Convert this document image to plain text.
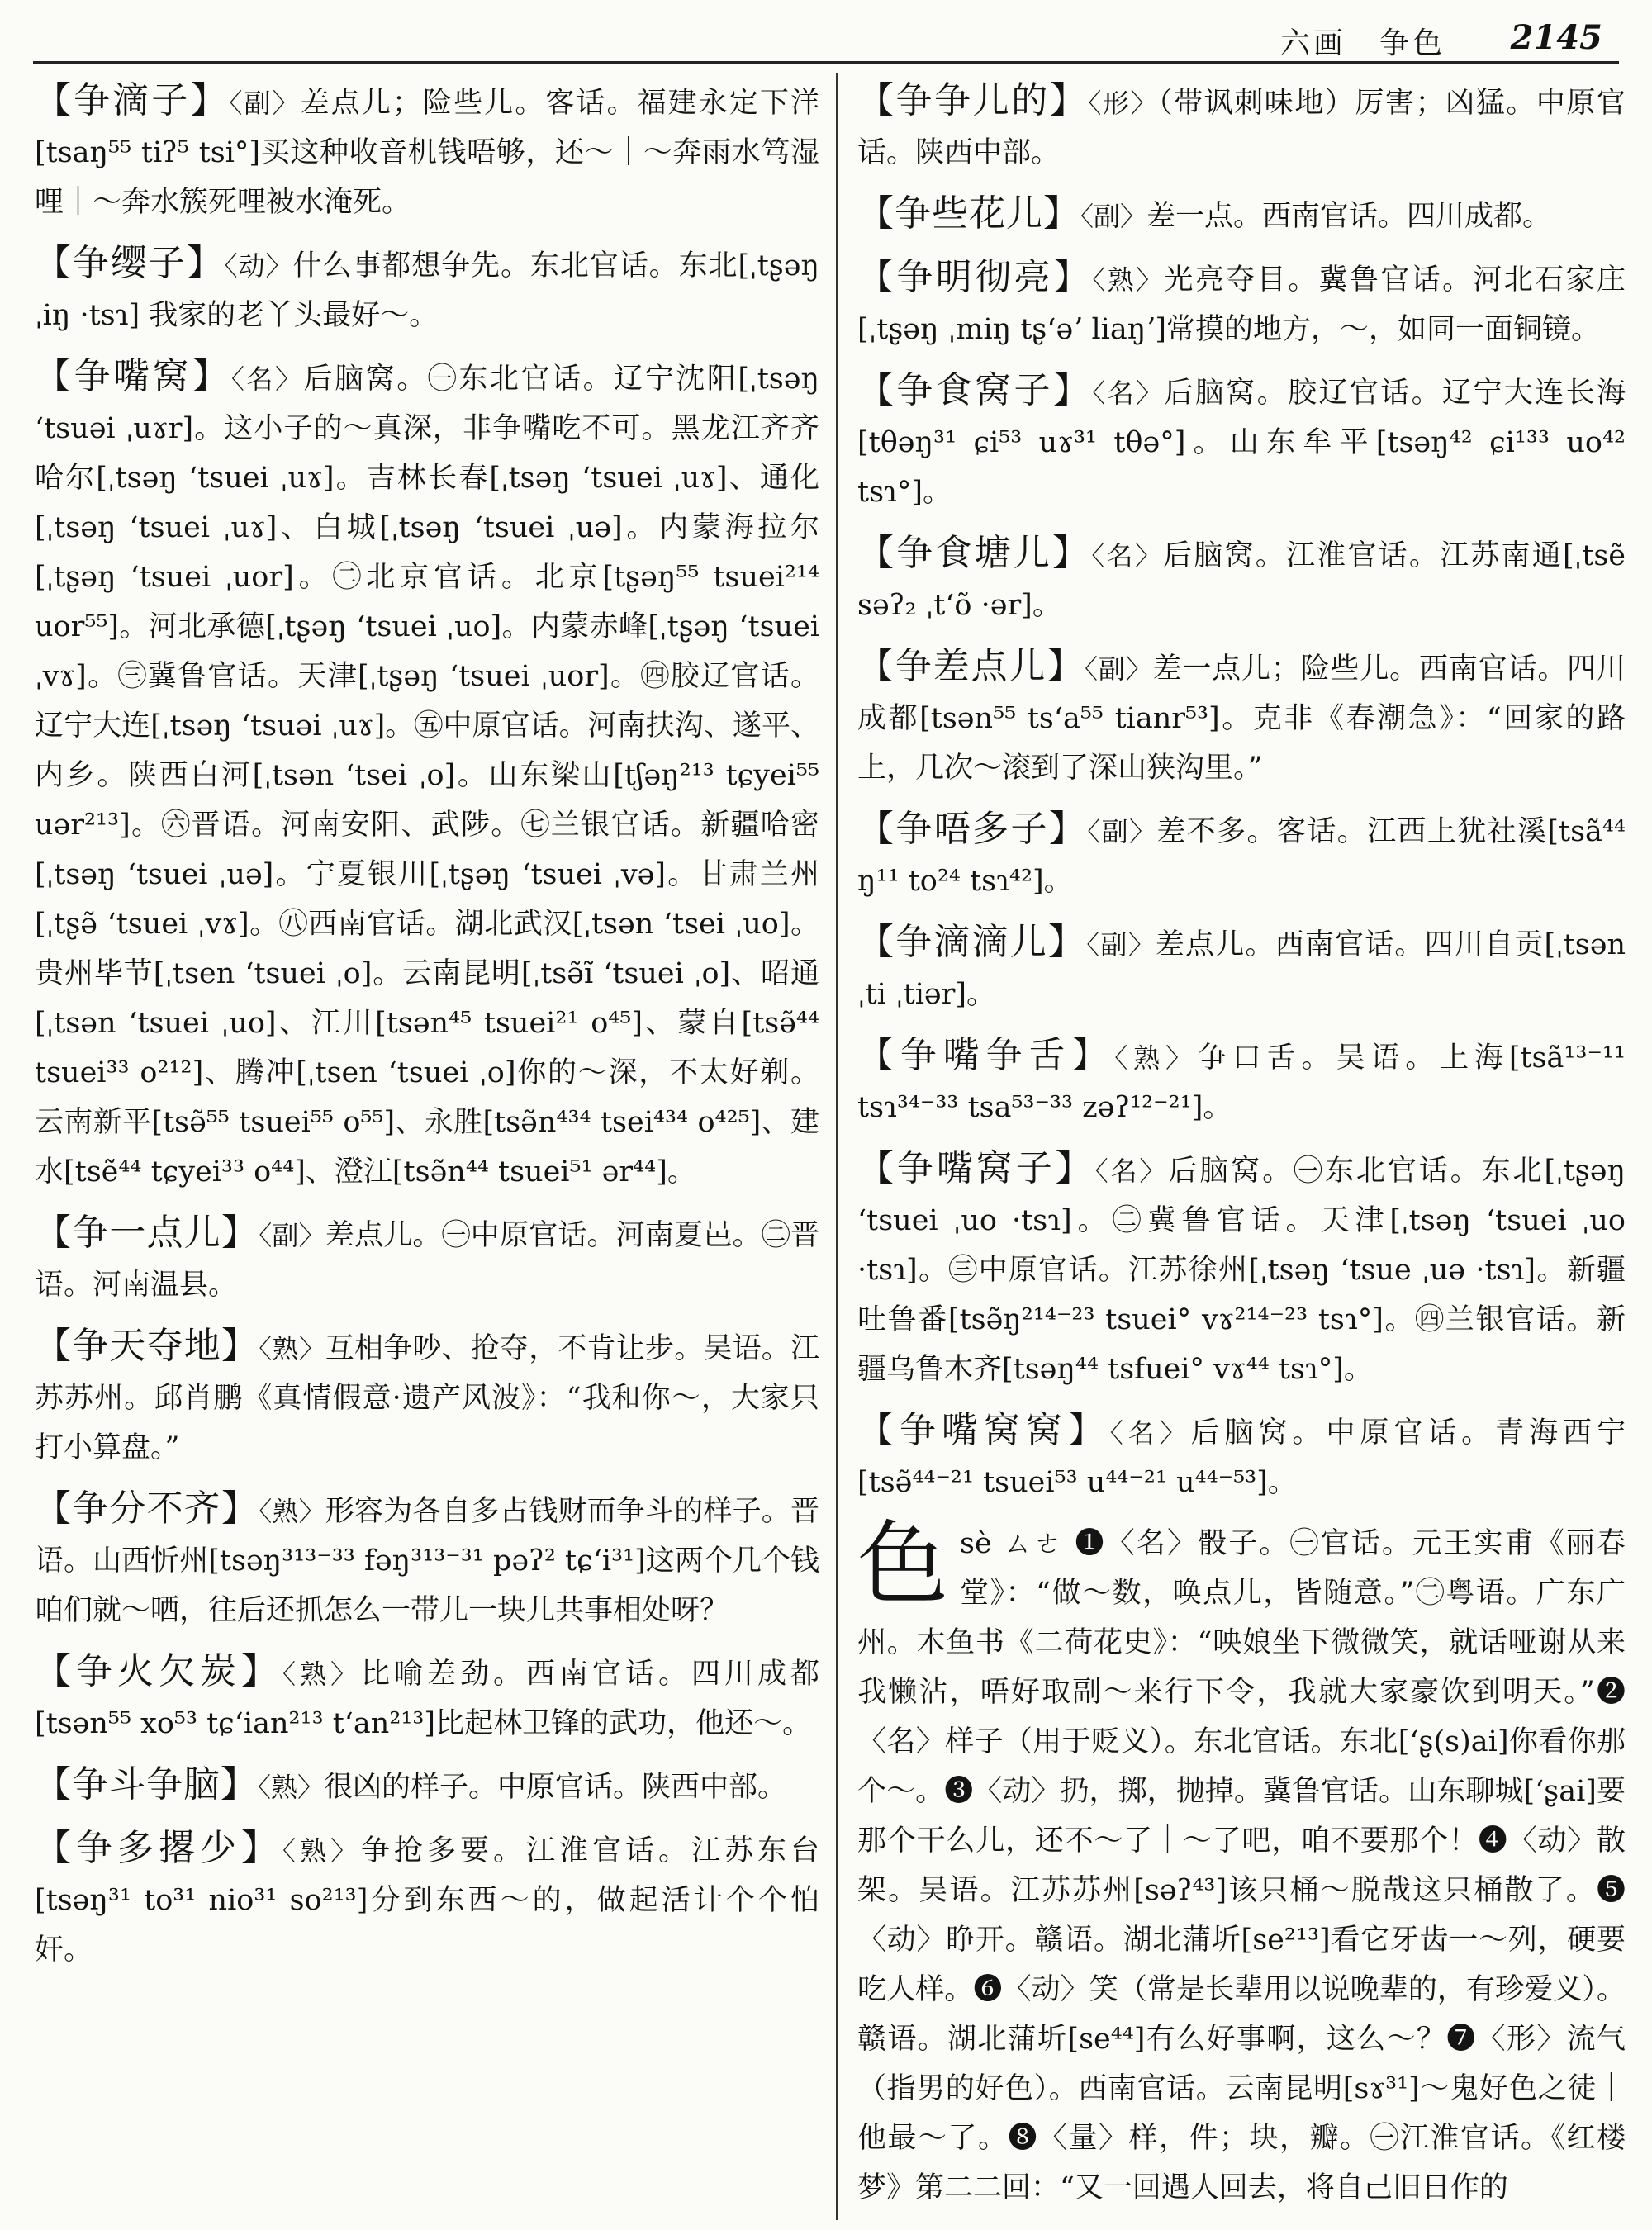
六画　争色 2145
【争滴子】〈副〉差点儿；险些儿。客话。福建永定下洋[tsaŋ⁵⁵ tiʔ⁵ tsi°]买这种收音机钱唔够，还～｜～奔雨水笃湿哩｜～奔水簇死哩被水淹死。
【争缨子】〈动〉什么事都想争先。东北官话。东北[ˌtʂəŋ ˌiŋ ·tsɿ] 我家的老丫头最好～。
【争嘴窝】〈名〉后脑窝。㊀东北官话。辽宁沈阳[ˌtsəŋ ʻtsuəi ˌuɤr]。这小子的～真深，非争嘴吃不可。黑龙江齐齐哈尔[ˌtsəŋ ʻtsuei ˌuɤ]。吉林长春[ˌtsəŋ ʻtsuei ˌuɤ]、通化[ˌtsəŋ ʻtsuei ˌuɤ]、白城[ˌtsəŋ ʻtsuei ˌuə]。内蒙海拉尔[ˌtʂəŋ ʻtsuei ˌuor]。㊁北京官话。北京[tʂəŋ⁵⁵ tsuei²¹⁴ uor⁵⁵]。河北承德[ˌtʂəŋ ʻtsuei ˌuo]。内蒙赤峰[ˌtʂəŋ ʻtsuei ˌvɤ]。㊂冀鲁官话。天津[ˌtʂəŋ ʻtsuei ˌuor]。㊃胶辽官话。辽宁大连[ˌtsəŋ ʻtsuəi ˌuɤ]。㊄中原官话。河南扶沟、遂平、内乡。陕西白河[ˌtsən ʻtsei ˌo]。山东梁山[tʃəŋ²¹³ tɕyei⁵⁵ uər²¹³]。㊅晋语。河南安阳、武陟。㊆兰银官话。新疆哈密[ˌtsəŋ ʻtsuei ˌuə]。宁夏银川[ˌtʂəŋ ʻtsuei ˌvə]。甘肃兰州[ˌtʂə̃ ʻtsuei ˌvɤ]。㊇西南官话。湖北武汉[ˌtsən ʻtsei ˌuo]。贵州毕节[ˌtsen ʻtsuei ˌo]。云南昆明[ˌtsə̃ĩ ʻtsuei ˌo]、昭通[ˌtsən ʻtsuei ˌuo]、江川[tsən⁴⁵ tsuei²¹ o⁴⁵]、蒙自[tsə̃⁴⁴ tsuei³³ o²¹²]、腾冲[ˌtsen ʻtsuei ˌo]你的～深，不太好剃。云南新平[tsə̃⁵⁵ tsuei⁵⁵ o⁵⁵]、永胜[tsə̃n⁴³⁴ tsei⁴³⁴ o⁴²⁵]、建水[tsẽ⁴⁴ tɕyei³³ o⁴⁴]、澄江[tsə̃n⁴⁴ tsuei⁵¹ ər⁴⁴]。
【争一点儿】〈副〉差点儿。㊀中原官话。河南夏邑。㊁晋语。河南温县。
【争天夺地】〈熟〉互相争吵、抢夺，不肯让步。吴语。江苏苏州。邱肖鹏《真情假意·遗产风波》：“我和你～，大家只打小算盘。”
【争分不齐】〈熟〉形容为各自多占钱财而争斗的样子。晋语。山西忻州[tsəŋ³¹³⁻³³ fəŋ³¹³⁻³¹ pəʔ² tɕʻi³¹]这两个几个钱咱们就～哂，往后还抓怎么一带儿一块儿共事相处呀？
【争火欠炭】〈熟〉比喻差劲。西南官话。四川成都[tsən⁵⁵ xo⁵³ tɕʻian²¹³ tʻan²¹³]比起林卫锋的武功，他还～。
【争斗争脑】〈熟〉很凶的样子。中原官话。陕西中部。
【争多撂少】〈熟〉争抢多要。江淮官话。江苏东台[tsəŋ³¹ to³¹ nio³¹ so²¹³]分到东西～的，做起活计个个怕奸。
【争争儿的】〈形〉（带讽刺味地）厉害；凶猛。中原官话。陕西中部。
【争些花儿】〈副〉差一点。西南官话。四川成都。
【争明彻亮】〈熟〉光亮夺目。冀鲁官话。河北石家庄[ˌtʂəŋ ˌmiŋ tʂʻəʼ liaŋʼ]常摸的地方，～，如同一面铜镜。
【争食窝子】〈名〉后脑窝。胶辽官话。辽宁大连长海[tθəŋ³¹ ɕi⁵³ uɤ³¹ tθə°]。山东牟平[tsəŋ⁴² ɕi¹³³ uo⁴² tsɿ°]。
【争食塘儿】〈名〉后脑窝。江淮官话。江苏南通[ˌtsẽ səʔ₂ ˌtʻõ ·ər]。
【争差点儿】〈副〉差一点儿；险些儿。西南官话。四川成都[tsən⁵⁵ tsʻa⁵⁵ tianr⁵³]。克非《春潮急》：“回家的路上，几次～滚到了深山狭沟里。”
【争唔多子】〈副〉差不多。客话。江西上犹社溪[tsã⁴⁴ ŋ¹¹ to²⁴ tsɿ⁴²]。
【争滴滴儿】〈副〉差点儿。西南官话。四川自贡[ˌtsən ˌti ˌtiər]。
【争嘴争舌】〈熟〉争口舌。吴语。上海[tsã¹³⁻¹¹ tsɿ³⁴⁻³³ tsa⁵³⁻³³ zəʔ¹²⁻²¹]。
【争嘴窝子】〈名〉后脑窝。㊀东北官话。东北[ˌtʂəŋ ʻtsuei ˌuo ·tsɿ]。㊁冀鲁官话。天津[ˌtsəŋ ʻtsuei ˌuo ·tsɿ]。㊂中原官话。江苏徐州[ˌtsəŋ ʻtsue ˌuə ·tsɿ]。新疆吐鲁番[tsə̃ŋ²¹⁴⁻²³ tsuei° vɤ²¹⁴⁻²³ tsɿ°]。㊃兰银官话。新疆乌鲁木齐[tsəŋ⁴⁴ tsfuei° vɤ⁴⁴ tsɿ°]。
【争嘴窝窝】〈名〉后脑窝。中原官话。青海西宁[tsə̃⁴⁴⁻²¹ tsuei⁵³ u⁴⁴⁻²¹ u⁴⁴⁻⁵³]。
色sè ㄙㄜ ❶〈名〉骰子。㊀官话。元王实甫《丽春堂》：“做～数，唤点儿，皆随意。”㊁粤语。广东广州。木鱼书《二荷花史》：“映娘坐下微微笑，就话哑谢从来我懒沾，唔好取副～来行下令，我就大家豪饮到明天。”❷〈名〉样子（用于贬义）。东北官话。东北[ʻʂ(s)ai]你看你那个～。❸〈动〉扔，掷，抛掉。冀鲁官话。山东聊城[ʻʂai]要那个干么儿，还不～了｜～了吧，咱不要那个！❹〈动〉散架。吴语。江苏苏州[səʔ⁴³]该只桶～脱哉这只桶散了。❺〈动〉睁开。赣语。湖北蒲圻[se²¹³]看它牙齿一～列，硬要吃人样。❻〈动〉笑（常是长辈用以说晚辈的，有珍爱义）。赣语。湖北蒲圻[se⁴⁴]有么好事啊，这么～？❼〈形〉流气（指男的好色）。西南官话。云南昆明[sɤ³¹]～鬼好色之徒｜他最～了。❽〈量〉样，件；块，瓣。㊀江淮官话。《红楼梦》第二二回：“又一回遇人回去，将自己旧日作的
